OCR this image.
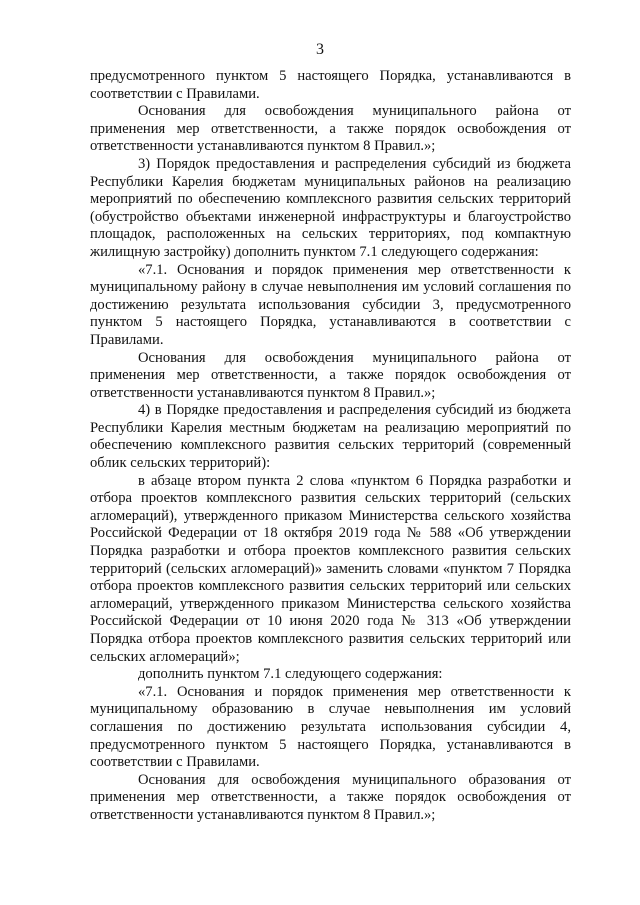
3

предусмотренного пунктом 5 настоящего Порядка, устанавливаются в соответствии с Правилами.

Основания для освобождения муниципального района от применения мер ответственности, а также порядок освобождения от ответственности устанавливаются пунктом 8 Правил.»;

3) Порядок предоставления и распределения субсидий из бюджета Республики Карелия бюджетам муниципальных районов на реализацию мероприятий по обеспечению комплексного развития сельских территорий (обустройство объектами инженерной инфраструктуры и благоустройство площадок, расположенных на сельских территориях, под компактную жилищную застройку) дополнить пунктом 7.1 следующего содержания:

«7.1. Основания и порядок применения мер ответственности к муниципальному району в случае невыполнения им условий соглашения по достижению результата использования субсидии 3, предусмотренного пунктом 5 настоящего Порядка, устанавливаются в соответствии с Правилами.

Основания для освобождения муниципального района от применения мер ответственности, а также порядок освобождения от ответственности устанавливаются пунктом 8 Правил.»;

4) в Порядке предоставления и распределения субсидий из бюджета Республики Карелия местным бюджетам на реализацию мероприятий по обеспечению комплексного развития сельских территорий (современный облик сельских территорий):

в абзаце втором пункта 2 слова «пунктом 6 Порядка разработки и отбора проектов комплексного развития сельских территорий (сельских агломераций), утвержденного приказом Министерства сельского хозяйства Российской Федерации от 18 октября 2019 года № 588 «Об утверждении Порядка разработки и отбора проектов комплексного развития сельских территорий (сельских агломераций)» заменить словами «пунктом 7 Порядка отбора проектов комплексного развития сельских территорий или сельских агломераций, утвержденного приказом Министерства сельского хозяйства Российской Федерации от 10 июня 2020 года № 313 «Об утверждении Порядка отбора проектов комплексного развития сельских территорий или сельских агломераций»;

дополнить пунктом 7.1 следующего содержания:

«7.1. Основания и порядок применения мер ответственности к муниципальному образованию в случае невыполнения им условий соглашения по достижению результата использования субсидии 4, предусмотренного пунктом 5 настоящего Порядка, устанавливаются в соответствии с Правилами.

Основания для освобождения муниципального образования от применения мер ответственности, а также порядок освобождения от ответственности устанавливаются пунктом 8 Правил.»;
